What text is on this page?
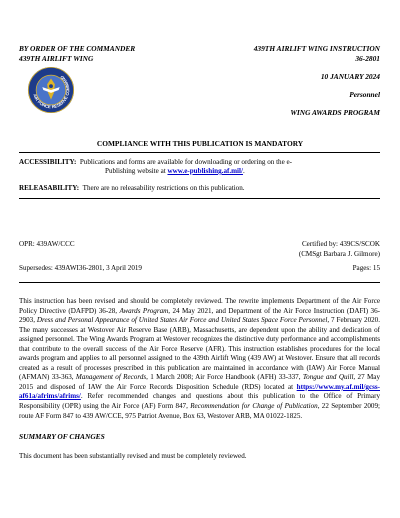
BY ORDER OF THE COMMANDER
439TH AIRLIFT WING
439TH AIRLIFT WING INSTRUCTION
36-2801
10 JANUARY 2024
Personnel
WING AWARDS PROGRAM
AIR FORCE RESERVE COMMAND
COMPLIANCE WITH THIS PUBLICATION IS MANDATORY
ACCESSIBILITY: Publications and forms are available for downloading or ordering on the e-
Publishing website at www.e-publishing.af.mil/.
RELEASABILITY: There are no releasability restrictions on this publication.
OPR: 439AW/CCC	Certified by: 439CS/SCOK
(CMSgt Barbara J. Gilmore)
Supersedes: 439AWI36-2801, 3 April 2019	Pages: 15
This instruction has been revised and should be completely reviewed. The rewrite implements Department of the Air Force Policy Directive (DAFPD) 36-28, Awards Program, 24 May 2021, and Department of the Air Force Instruction (DAFI) 36-2903, Dress and Personal Appearance of United States Air Force and United States Space Force Personnel, 7 February 2020. The many successes at Westover Air Reserve Base (ARB), Massachusetts, are dependent upon the ability and dedication of assigned personnel. The Wing Awards Program at Westover recognizes the distinctive duty performance and accomplishments that contribute to the overall success of the Air Force Reserve (AFR). This instruction establishes procedures for the local awards program and applies to all personnel assigned to the 439th Airlift Wing (439 AW) at Westover. Ensure that all records created as a result of processes prescribed in this publication are maintained in accordance with (IAW) Air Force Manual (AFMAN) 33-363, Management of Records, 1 March 2008; Air Force Handbook (AFH) 33-337, Tongue and Quill, 27 May 2015 and disposed of IAW the Air Force Records Disposition Schedule (RDS) located at https://www.my.af.mil/gcss-af61a/afrims/afrims/. Refer recommended changes and questions about this publication to the Office of Primary Responsibility (OPR) using the Air Force (AF) Form 847, Recommendation for Change of Publication, 22 September 2009; route AF Form 847 to 439 AW/CCE, 975 Patriot Avenue, Box 63, Westover ARB, MA 01022-1825.
SUMMARY OF CHANGES
This document has been substantially revised and must be completely reviewed.
